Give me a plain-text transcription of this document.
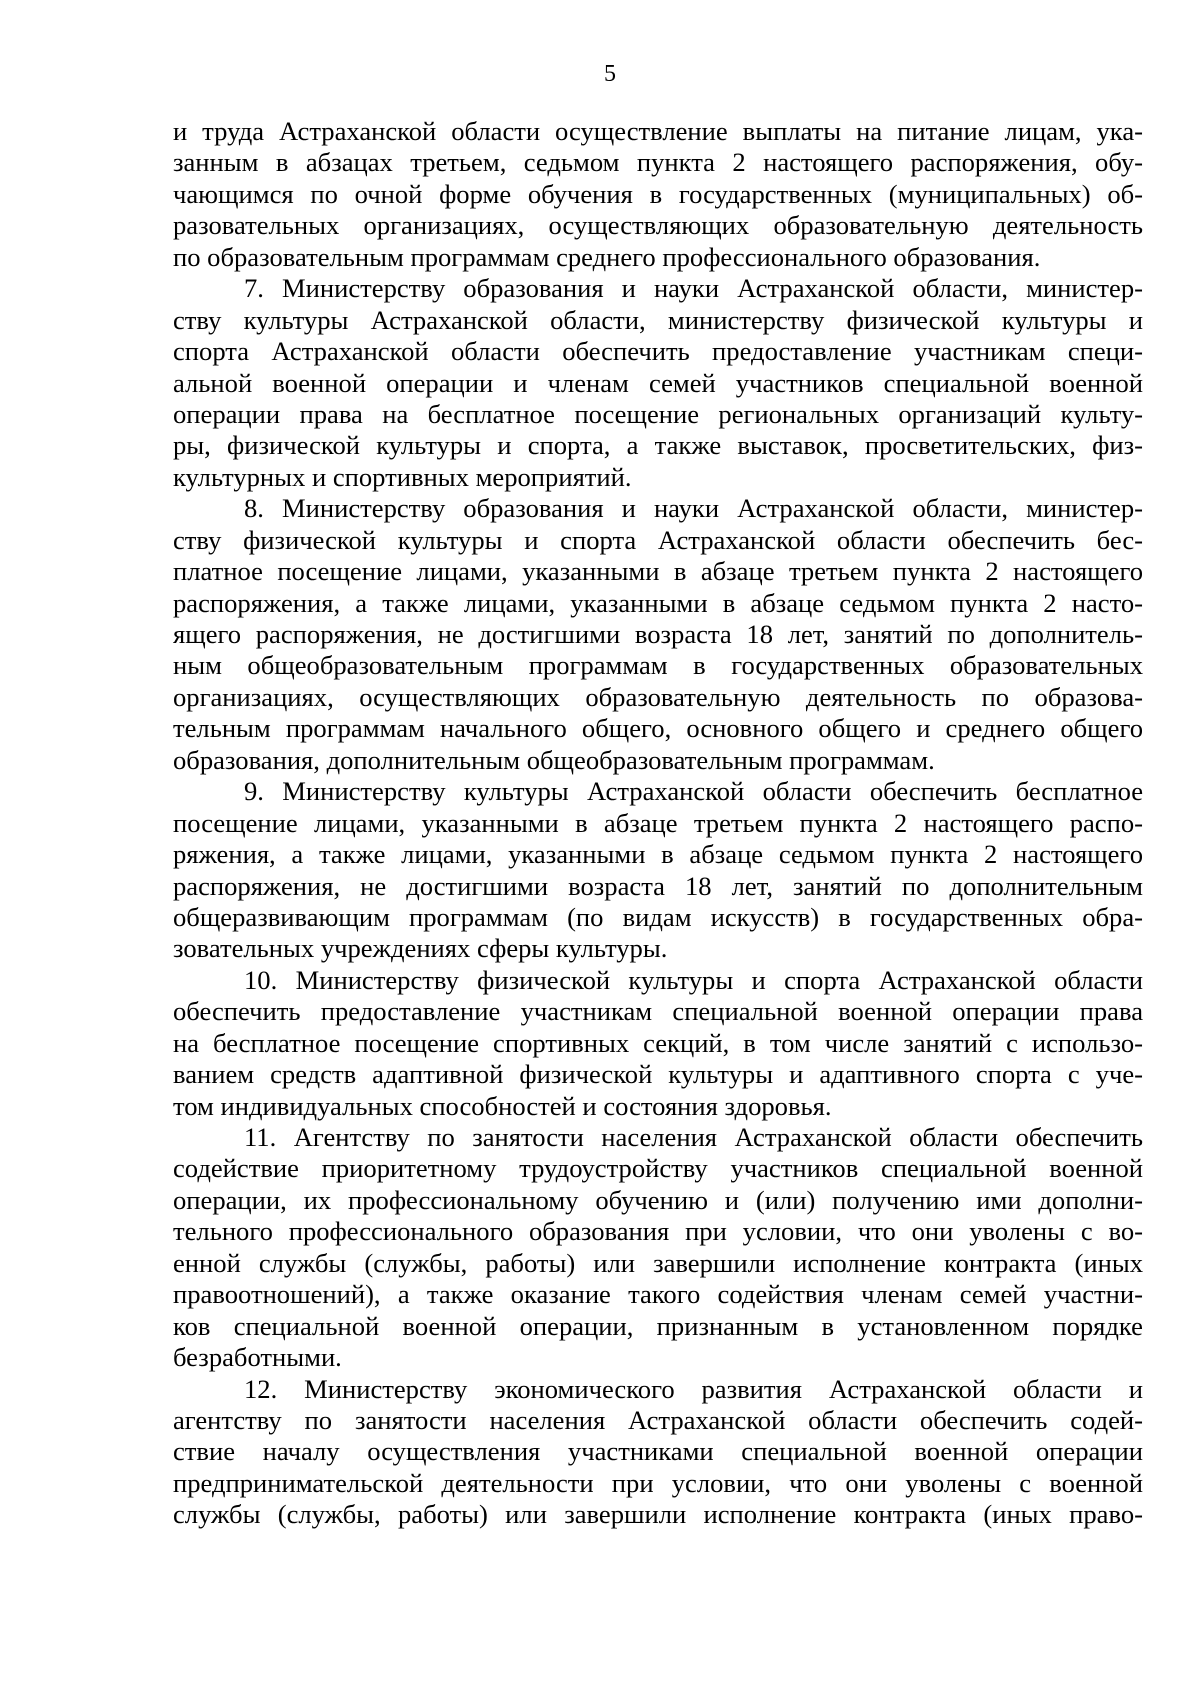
5
и труда Астраханской области осуществление выплаты на питание лицам, ука-
занным в абзацах третьем, седьмом пункта 2 настоящего распоряжения, обу-
чающимся по очной форме обучения в государственных (муниципальных) об-
разовательных организациях, осуществляющих образовательную деятельность
по образовательным программам среднего профессионального образования.
7. Министерству образования и науки Астраханской области, министер-
ству культуры Астраханской области, министерству физической культуры и
спорта Астраханской области обеспечить предоставление участникам специ-
альной военной операции и членам семей участников специальной военной
операции права на бесплатное посещение региональных организаций культу-
ры, физической культуры и спорта, а также выставок, просветительских, физ-
культурных и спортивных мероприятий.
8. Министерству образования и науки Астраханской области, министер-
ству физической культуры и спорта Астраханской области обеспечить бес-
платное посещение лицами, указанными в абзаце третьем пункта 2 настоящего
распоряжения, а также лицами, указанными в абзаце седьмом пункта 2 насто-
ящего распоряжения, не достигшими возраста 18 лет, занятий по дополнитель-
ным общеобразовательным программам в государственных образовательных
организациях, осуществляющих образовательную деятельность по образова-
тельным программам начального общего, основного общего и среднего общего
образования, дополнительным общеобразовательным программам.
9. Министерству культуры Астраханской области обеспечить бесплатное
посещение лицами, указанными в абзаце третьем пункта 2 настоящего распо-
ряжения, а также лицами, указанными в абзаце седьмом пункта 2 настоящего
распоряжения, не достигшими возраста 18 лет, занятий по дополнительным
общеразвивающим программам (по видам искусств) в государственных обра-
зовательных учреждениях сферы культуры.
10. Министерству физической культуры и спорта Астраханской области
обеспечить предоставление участникам специальной военной операции права
на бесплатное посещение спортивных секций, в том числе занятий с использо-
ванием средств адаптивной физической культуры и адаптивного спорта с уче-
том индивидуальных способностей и состояния здоровья.
11. Агентству по занятости населения Астраханской области обеспечить
содействие приоритетному трудоустройству участников специальной военной
операции, их профессиональному обучению и (или) получению ими дополни-
тельного профессионального образования при условии, что они уволены с во-
енной службы (службы, работы) или завершили исполнение контракта (иных
правоотношений), а также оказание такого содействия членам семей участни-
ков специальной военной операции, признанным в установленном порядке
безработными.
12. Министерству экономического развития Астраханской области и
агентству по занятости населения Астраханской области обеспечить содей-
ствие началу осуществления участниками специальной военной операции
предпринимательской деятельности при условии, что они уволены с военной
службы (службы, работы) или завершили исполнение контракта (иных право-
